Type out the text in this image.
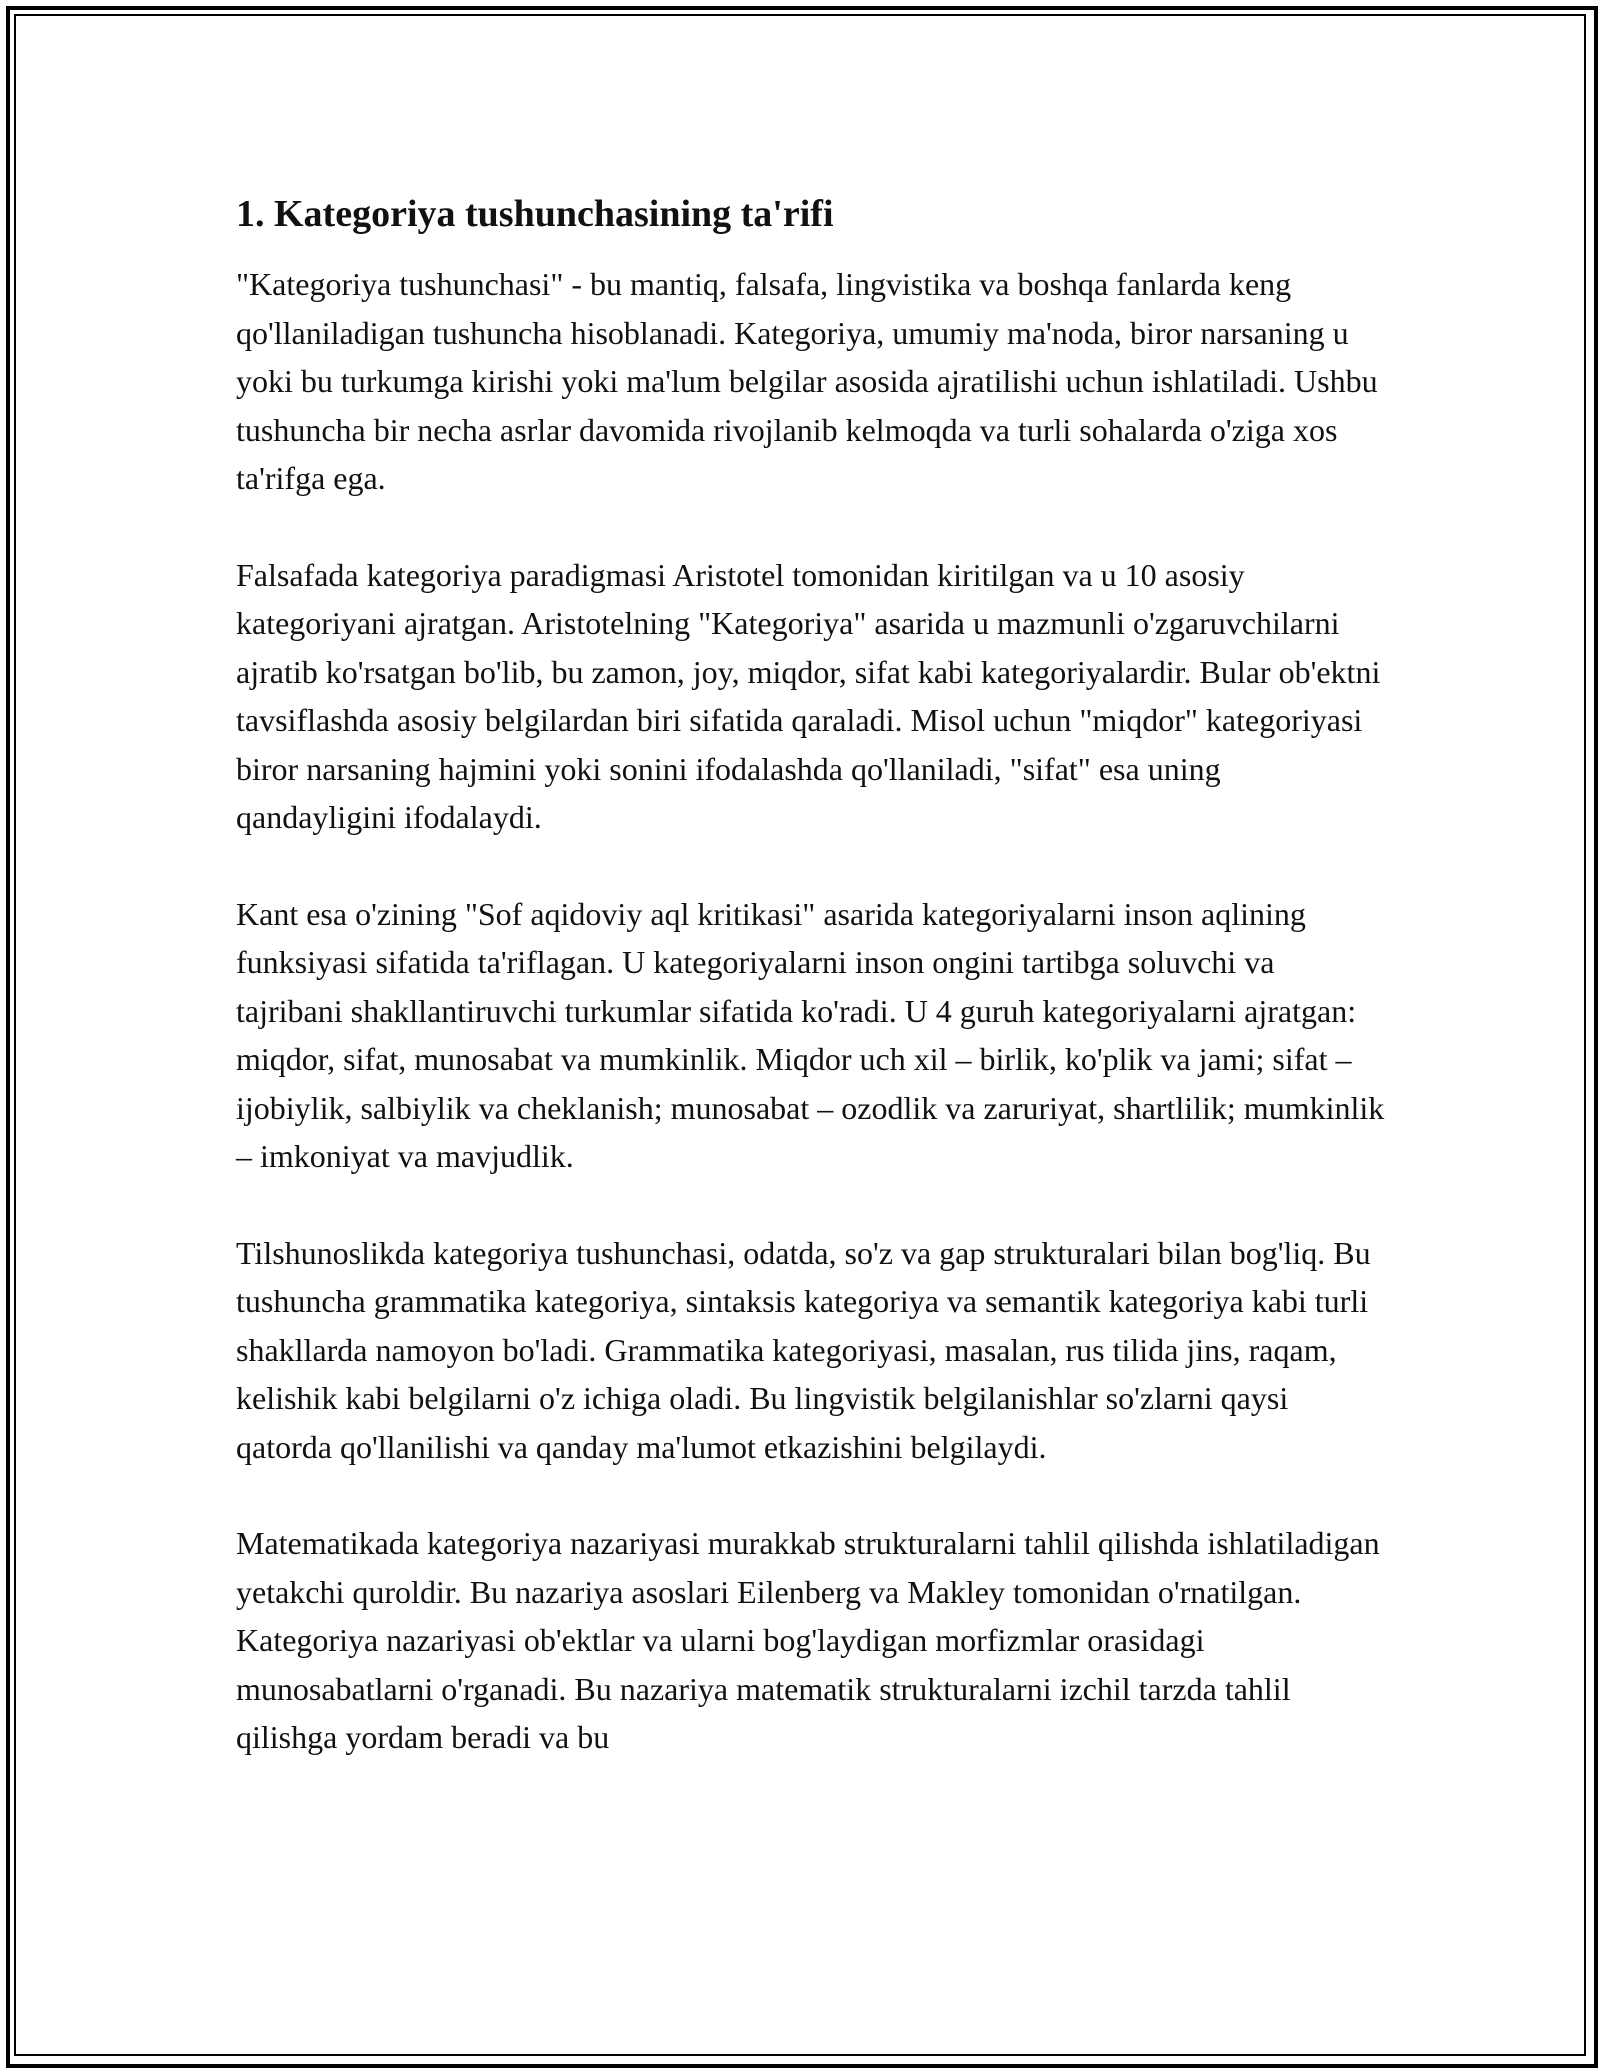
1. Kategoriya tushunchasining ta'rifi

"Kategoriya tushunchasi" - bu mantiq, falsafa, lingvistika va boshqa fanlarda keng qo'llaniladigan tushuncha hisoblanadi. Kategoriya, umumiy ma'noda, biror narsaning u yoki bu turkumga kirishi yoki ma'lum belgilar asosida ajratilishi uchun ishlatiladi. Ushbu tushuncha bir necha asrlar davomida rivojlanib kelmoqda va turli sohalarda o'ziga xos ta'rifga ega.

Falsafada kategoriya paradigmasi Aristotel tomonidan kiritilgan va u 10 asosiy kategoriyani ajratgan. Aristotelning "Kategoriya" asarida u mazmunli o'zgaruvchilarni ajratib ko'rsatgan bo'lib, bu zamon, joy, miqdor, sifat kabi kategoriyalardir. Bular ob'ektni tavsiflashda asosiy belgilardan biri sifatida qaraladi. Misol uchun "miqdor" kategoriyasi biror narsaning hajmini yoki sonini ifodalashda qo'llaniladi, "sifat" esa uning qandayligini ifodalaydi.

Kant esa o'zining "Sof aqidoviy aql kritikasi" asarida kategoriyalarni inson aqlining funksiyasi sifatida ta'riflagan. U kategoriyalarni inson ongini tartibga soluvchi va tajribani shakllantiruvchi turkumlar sifatida ko'radi. U 4 guruh kategoriyalarni ajratgan: miqdor, sifat, munosabat va mumkinlik. Miqdor uch xil – birlik, ko'plik va jami; sifat – ijobiylik, salbiylik va cheklanish; munosabat – ozodlik va zaruriyat, shartlilik; mumkinlik – imkoniyat va mavjudlik.

Tilshunoslikda kategoriya tushunchasi, odatda, so'z va gap strukturalari bilan bog'liq. Bu tushuncha grammatika kategoriya, sintaksis kategoriya va semantik kategoriya kabi turli shakllarda namoyon bo'ladi. Grammatika kategoriyasi, masalan, rus tilida jins, raqam, kelishik kabi belgilarni o'z ichiga oladi. Bu lingvistik belgilanishlar so'zlarni qaysi qatorda qo'llanilishi va qanday ma'lumot etkazishini belgilaydi.

Matematikada kategoriya nazariyasi murakkab strukturalarni tahlil qilishda ishlatiladigan yetakchi quroldir. Bu nazariya asoslari Eilenberg va Makley tomonidan o'rnatilgan. Kategoriya nazariyasi ob'ektlar va ularni bog'laydigan morfizmlar orasidagi munosabatlarni o'rganadi. Bu nazariya matematik strukturalarni izchil tarzda tahlil qilishga yordam beradi va bu
